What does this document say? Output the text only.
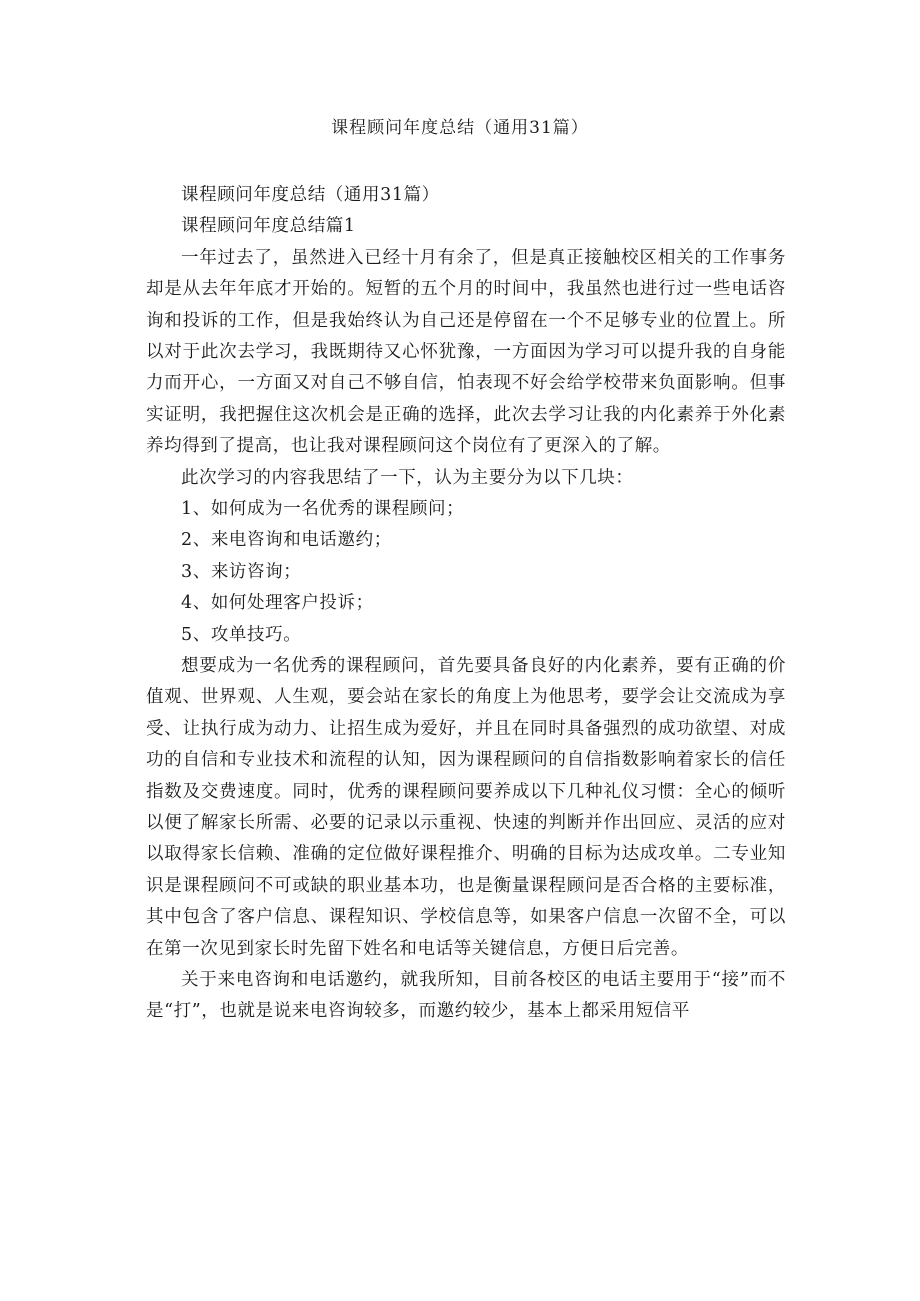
课程顾问年度总结（通用31篇）
课程顾问年度总结（通用31篇）
课程顾问年度总结篇1

一年过去了，虽然进入已经十月有余了，但是真正接触校区相关的工作事务却是从去年年底才开始的。短暂的五个月的时间中，我虽然也进行过一些电话咨询和投诉的工作，但是我始终认为自己还是停留在一个不足够专业的位置上。所以对于此次去学习，我既期待又心怀犹豫，一方面因为学习可以提升我的自身能力而开心，一方面又对自己不够自信，怕表现不好会给学校带来负面影响。但事实证明，我把握住这次机会是正确的选择，此次去学习让我的内化素养于外化素养均得到了提高，也让我对课程顾问这个岗位有了更深入的了解。

此次学习的内容我思结了一下，认为主要分为以下几块：

1、如何成为一名优秀的课程顾问；
2、来电咨询和电话邀约；
3、来访咨询；
4、如何处理客户投诉；
5、攻单技巧。

想要成为一名优秀的课程顾问，首先要具备良好的内化素养，要有正确的价值观、世界观、人生观，要会站在家长的角度上为他思考，要学会让交流成为享受、让执行成为动力、让招生成为爱好，并且在同时具备强烈的成功欲望、对成功的自信和专业技术和流程的认知，因为课程顾问的自信指数影响着家长的信任指数及交费速度。同时，优秀的课程顾问要养成以下几种礼仪习惯：全心的倾听以便了解家长所需、必要的记录以示重视、快速的判断并作出回应、灵活的应对以取得家长信赖、准确的定位做好课程推介、明确的目标为达成攻单。二专业知识是课程顾问不可或缺的职业基本功，也是衡量课程顾问是否合格的主要标准，其中包含了客户信息、课程知识、学校信息等，如果客户信息一次留不全，可以在第一次见到家长时先留下姓名和电话等关键信息，方便日后完善。

关于来电咨询和电话邀约，就我所知，目前各校区的电话主要用于“接”而不是“打”，也就是说来电咨询较多，而邀约较少，基本上都采用短信平
